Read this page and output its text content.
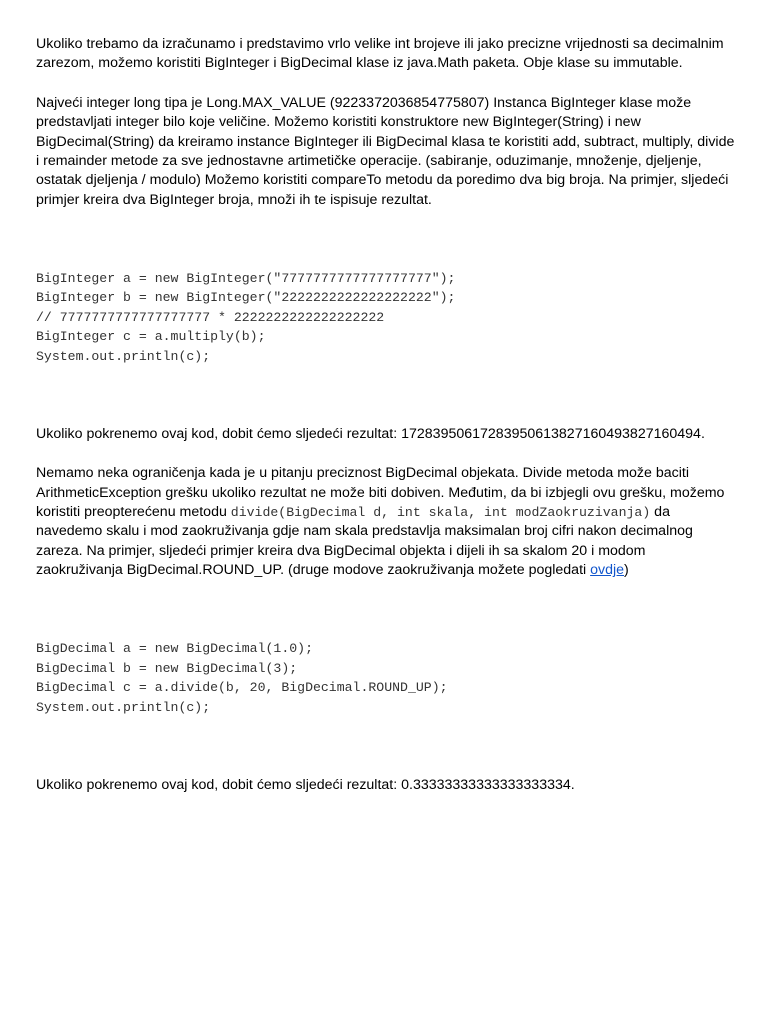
Ukoliko trebamo da izračunamo i predstavimo vrlo velike int brojeve ili jako precizne vrijednosti sa decimalnim zarezom, možemo koristiti BigInteger i BigDecimal klase iz java.Math paketa. Obje klase su immutable.

Najveći integer long tipa je Long.MAX_VALUE (9223372036854775807) Instanca BigInteger klase može predstavljati integer bilo koje veličine. Možemo koristiti konstruktore new BigInteger(String) i new BigDecimal(String) da kreiramo instance BigInteger ili BigDecimal klasa te koristiti add, subtract, multiply, divide i remainder metode za sve jednostavne artimetičke operacije. (sabiranje, oduzimanje, množenje, djeljenje, ostatak djeljenja / modulo) Možemo koristiti compareTo metodu da poredimo dva big broja. Na primjer, sljedeći primjer kreira dva BigInteger broja, množi ih te ispisuje rezultat.

BigInteger a = new BigInteger("7777777777777777777");
BigInteger b = new BigInteger("2222222222222222222");
// 7777777777777777777 * 2222222222222222222
BigInteger c = a.multiply(b);
System.out.println(c);

Ukoliko pokrenemo ovaj kod, dobit ćemo sljedeći rezultat: 17283950617283950613827160493827160494.

Nemamo neka ograničenja kada je u pitanju preciznost BigDecimal objekata. Divide metoda može baciti ArithmeticException grešku ukoliko rezultat ne može biti dobiven. Međutim, da bi izbjegli ovu grešku, možemo koristiti preopterećenu metodu divide(BigDecimal d, int skala, int modZaokruzivanja) da navedemo skalu i mod zaokruživanja gdje nam skala predstavlja maksimalan broj cifri nakon decimalnog zareza. Na primjer, sljedeći primjer kreira dva BigDecimal objekta i dijeli ih sa skalom 20 i modom zaokruživanja BigDecimal.ROUND_UP. (druge modove zaokruživanja možete pogledati ovdje)

BigDecimal a = new BigDecimal(1.0);
BigDecimal b = new BigDecimal(3);
BigDecimal c = a.divide(b, 20, BigDecimal.ROUND_UP);
System.out.println(c);

Ukoliko pokrenemo ovaj kod, dobit ćemo sljedeći rezultat: 0.33333333333333333334.
